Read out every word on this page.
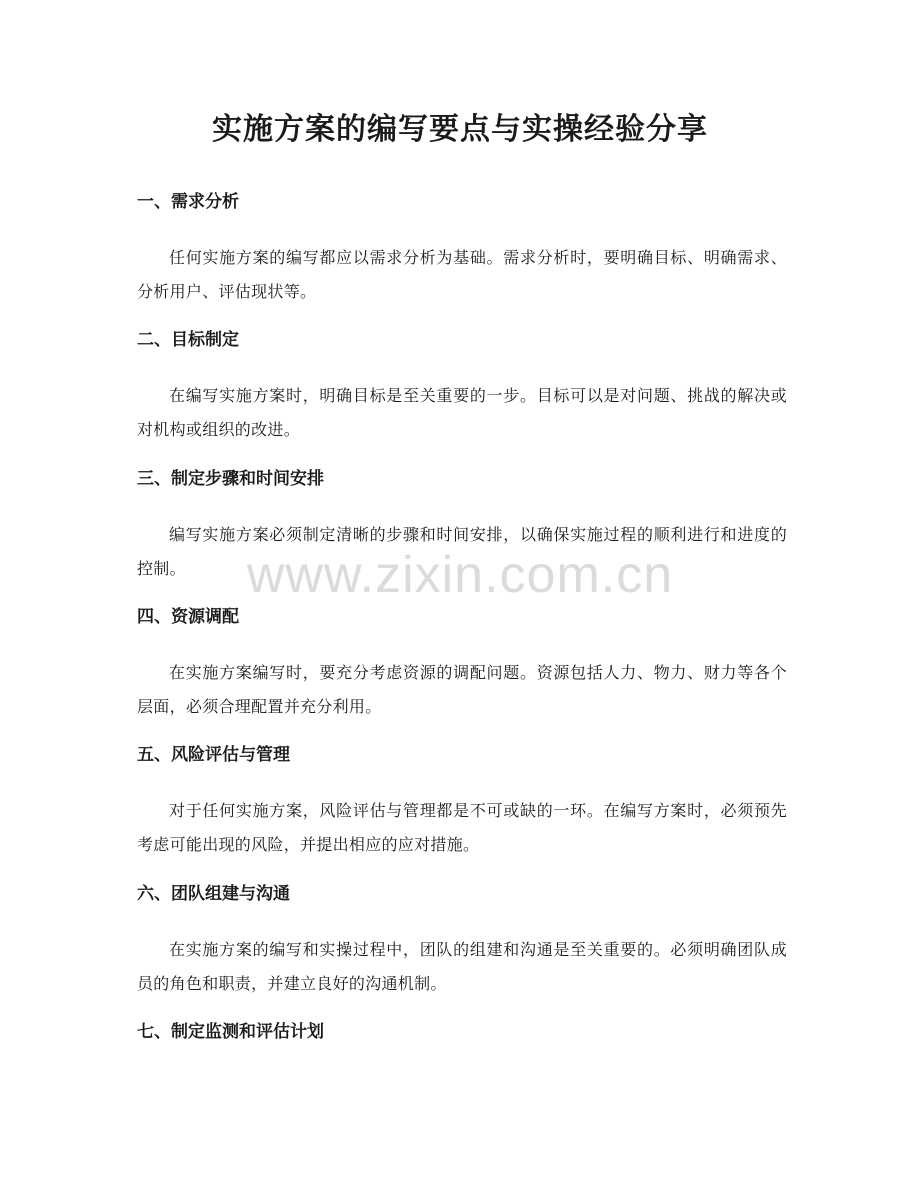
实施方案的编写要点与实操经验分享
一、需求分析

任何实施方案的编写都应以需求分析为基础。需求分析时，要明确目标、明确需求、分析用户、评估现状等。

二、目标制定

在编写实施方案时，明确目标是至关重要的一步。目标可以是对问题、挑战的解决或对机构或组织的改进。

三、制定步骤和时间安排

编写实施方案必须制定清晰的步骤和时间安排，以确保实施过程的顺利进行和进度的控制。

四、资源调配

在实施方案编写时，要充分考虑资源的调配问题。资源包括人力、物力、财力等各个层面，必须合理配置并充分利用。

五、风险评估与管理

对于任何实施方案，风险评估与管理都是不可或缺的一环。在编写方案时，必须预先考虑可能出现的风险，并提出相应的应对措施。

六、团队组建与沟通

在实施方案的编写和实操过程中，团队的组建和沟通是至关重要的。必须明确团队成员的角色和职责，并建立良好的沟通机制。

七、制定监测和评估计划
www.zixin.com.cn
